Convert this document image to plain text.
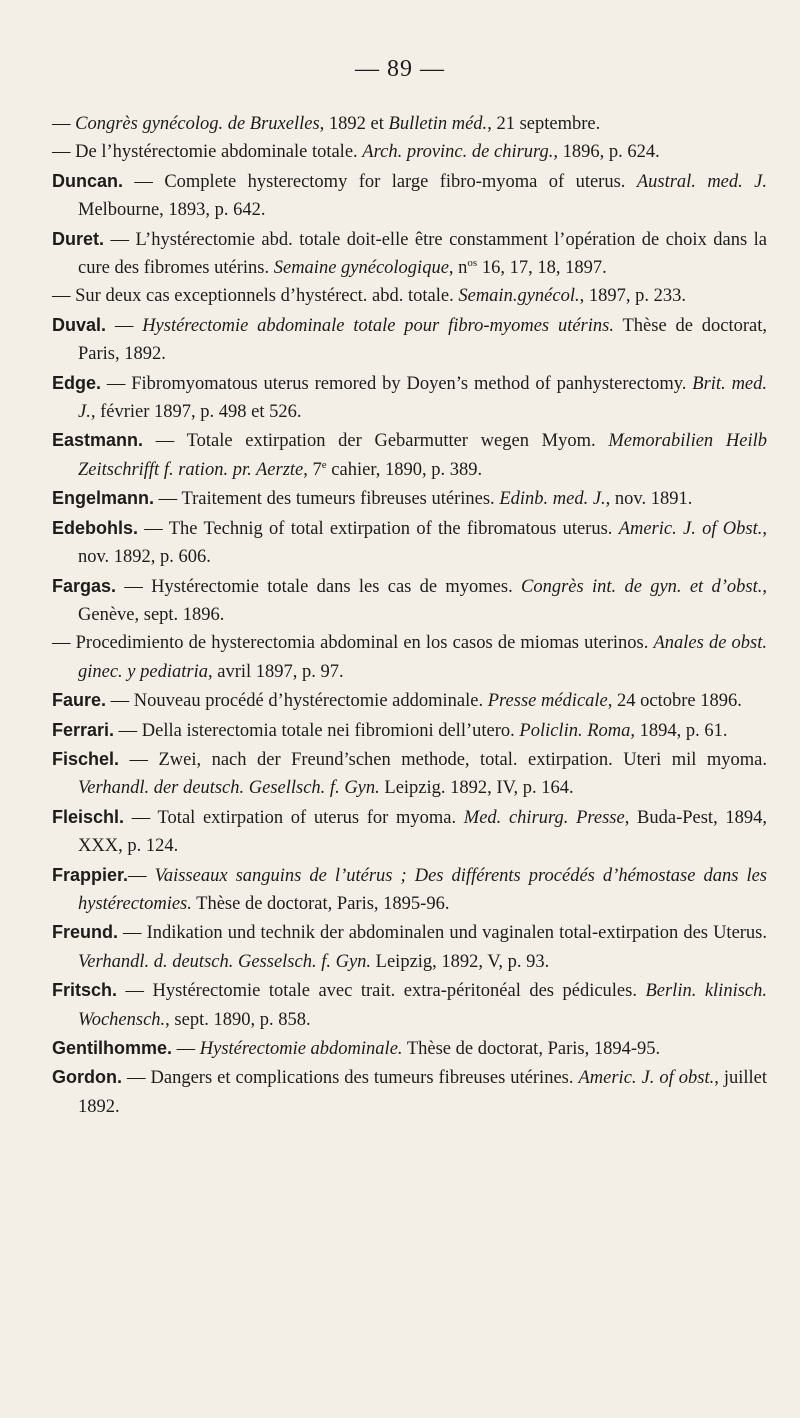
— 89 —
— Congrès gynécolog. de Bruxelles, 1892 et Bulletin méd., 21 septembre.
— De l’hystérectomie abdominale totale. Arch. provinc. de chirurg., 1896, p. 624.
Duncan. — Complete hysterectomy for large fibro-myoma of uterus. Austral. med. J. Melbourne, 1893, p. 642.
Duret. — L’hystérectomie abd. totale doit-elle être constamment l’opération de choix dans la cure des fibromes utérins. Semaine gynécologique, $n^{os}$ 16, 17, 18, 1897.
— Sur deux cas exceptionnels d’hystérect. abd. totale. Semain.gynécol., 1897, p. 233.
Duval. — Hystérectomie abdominale totale pour fibro-myomes utérins. Thèse de doctorat, Paris, 1892.
Edge. — Fibromyomatous uterus remored by Doyen’s method of panhysterectomy. Brit. med. J., février 1897, p. 498 et 526.
Eastmann. — Totale extirpation der Gebarmutter wegen Myom. Memorabilien Heilb Zeitschrifft f. ration. pr. Aerzte, 7e cahier, 1890, p. 389.
Engelmann. — Traitement des tumeurs fibreuses utérines. Edinb. med. J., nov. 1891.
Edebohls. — The Technig of total extirpation of the fibromatous uterus. Americ. J. of Obst., nov. 1892, p. 606.
Fargas. — Hystérectomie totale dans les cas de myomes. Congrès int. de gyn. et d’obst., Genève, sept. 1896.
— Procedimiento de hysterectomia abdominal en los casos de miomas uterinos. Anales de obst. ginec. y pediatria, avril 1897, p. 97.
Faure. — Nouveau procédé d’hystérectomie addominale. Presse médicale, 24 octobre 1896.
Ferrari. — Della isterectomia totale nei fibromioni dell’utero. Policlin. Roma, 1894, p. 61.
Fischel. — Zwei, nach der Freund’schen methode, total. extirpation. Uteri mil myoma. Verhandl. der deutsch. Gesellsch. f. Gyn. Leipzig. 1892, IV, p. 164.
Fleischl. — Total extirpation of uterus for myoma. Med. chirurg. Presse, Buda-Pest, 1894, XXX, p. 124.
Frappier.— Vaisseaux sanguins de l’utérus ; Des différents procédés d’hémostase dans les hystérectomies. Thèse de doctorat, Paris, 1895-96.
Freund. — Indikation und technik der abdominalen und vaginalen total-extirpation des Uterus. Verhandl. d. deutsch. Gesselsch. f. Gyn. Leipzig, 1892, V, p. 93.
Fritsch. — Hystérectomie totale avec trait. extra-péritonéal des pédicules. Berlin. klinisch. Wochensch., sept. 1890, p. 858.
Gentilhomme. — Hystérectomie abdominale. Thèse de doctorat, Paris, 1894-95.
Gordon. — Dangers et complications des tumeurs fibreuses utérines. Americ. J. of obst., juillet 1892.
